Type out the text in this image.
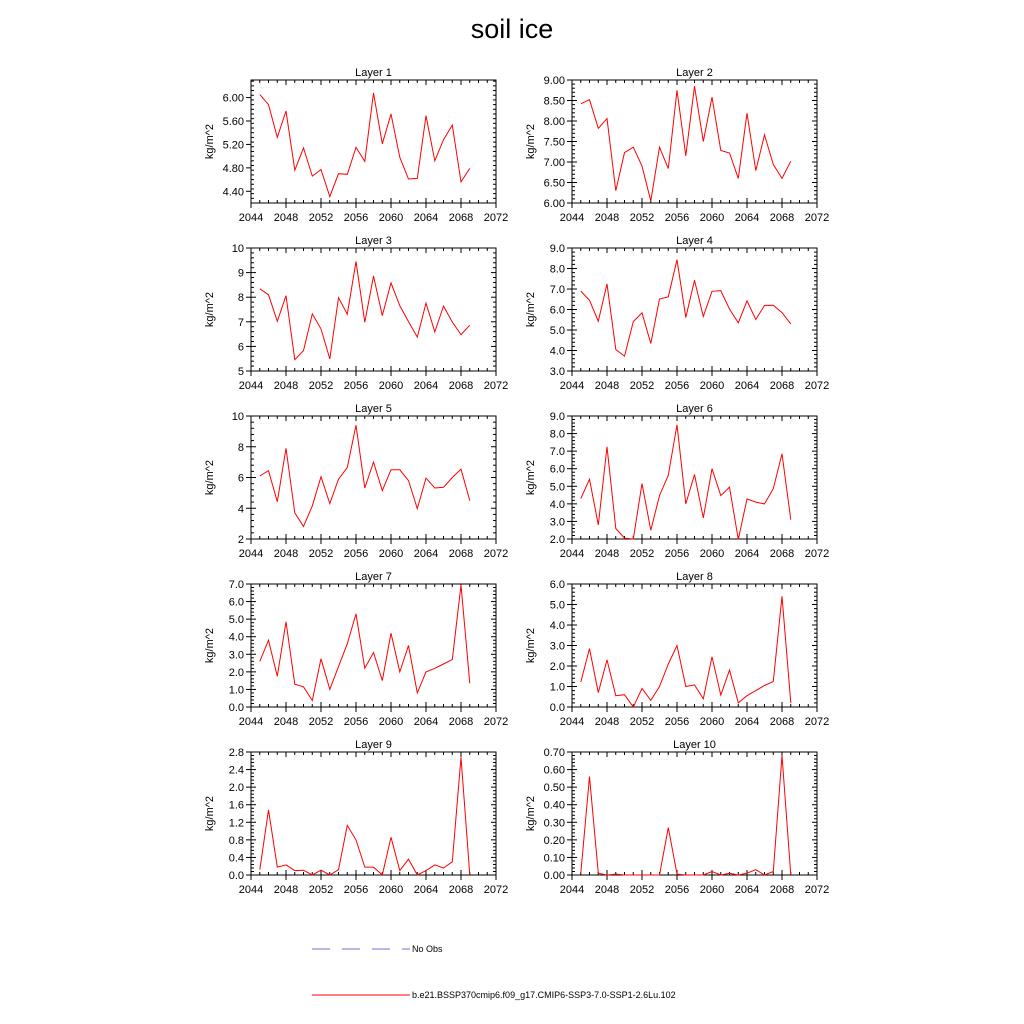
soil ice
Layer 1
kg/m^2
2044 2048 2052 2056 2060 2064 2068 2072
4.40
4.80
5.20
5.60
6.00
Layer 2
kg/m^2
2044 2048 2052 2056 2060 2064 2068 2072
6.00
6.50
7.00
7.50
8.00
8.50
9.00
Layer 3
kg/m^2
2044 2048 2052 2056 2060 2064 2068 2072
5
6
7
8
9
10
Layer 4
kg/m^2
2044 2048 2052 2056 2060 2064 2068 2072
3.0
4.0
5.0
6.0
7.0
8.0
9.0
Layer 5
kg/m^2
2044 2048 2052 2056 2060 2064 2068 2072
2
4
6
8
10
Layer 6
kg/m^2
2044 2048 2052 2056 2060 2064 2068 2072
2.0
3.0
4.0
5.0
6.0
7.0
8.0
9.0
Layer 7
kg/m^2
2044 2048 2052 2056 2060 2064 2068 2072
0.0
1.0
2.0
3.0
4.0
5.0
6.0
7.0
Layer 8
kg/m^2
2044 2048 2052 2056 2060 2064 2068 2072
0.0
1.0
2.0
3.0
4.0
5.0
6.0
Layer 9
kg/m^2
2044 2048 2052 2056 2060 2064 2068 2072
0.0
0.4
0.8
1.2
1.6
2.0
2.4
2.8
Layer 10
kg/m^2
2044 2048 2052 2056 2060 2064 2068 2072
0.00
0.10
0.20
0.30
0.40
0.50
0.60
0.70
No Obs
b.e21.BSSP370cmip6.f09_g17.CMIP6-SSP3-7.0-SSP1-2.6Lu.102
